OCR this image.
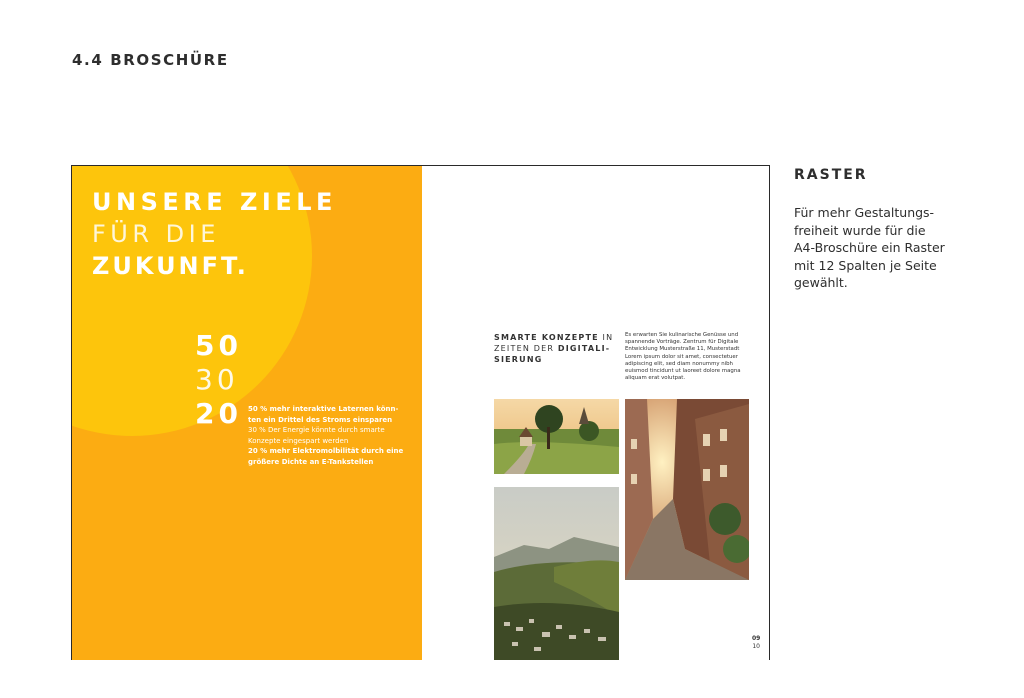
4.4 BROSCHÜRE
UNSERE ZIELE
FÜR DIE
ZUKUNFT.
50
30
20 50 % mehr interaktive Laternen könn- ten ein Drittel des Stroms einsparen

30 % Der Energie könnte durch smarte Konzepte eingespart werden

20 % mehr Elektromolbilität durch eine größere Dichte an E-Tankstellen

SMARTE KONZEPTE IN ZEITEN DER DIGITALI- SIERUNG
Es erwarten Sie kulinarische Genüsse und spannende Vorträge. Zentrum für Digitale Entwicklung Musterstraße 11, Musterstadt Lorem ipsum dolor sit amet, consectetuer adipiscing elit, sed diam nonummy nibh euismod tincidunt ut laoreet dolore magna aliquam erat volutpat.
09
10
RASTER
Für mehr Gestaltungs-
freiheit wurde für die
A4-Broschüre ein Raster
mit 12 Spalten je Seite
gewählt.
